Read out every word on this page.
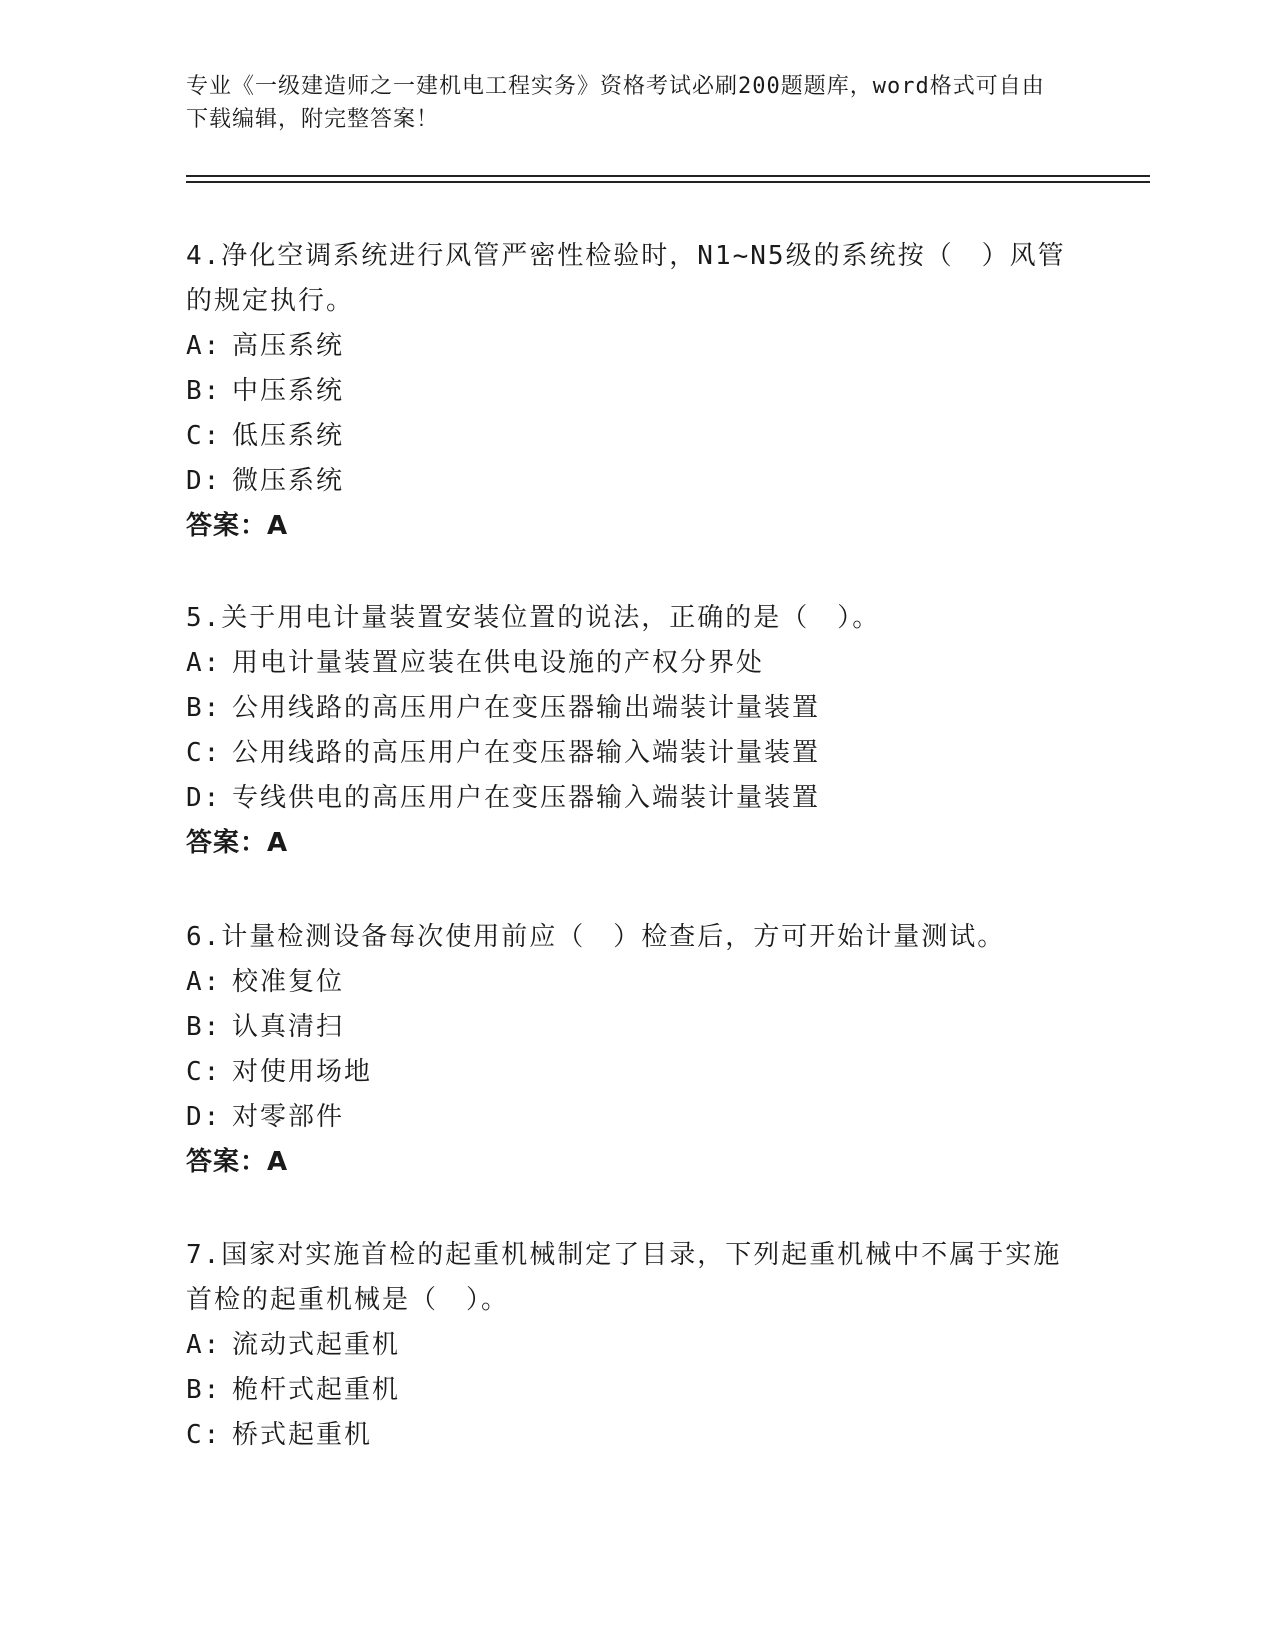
专业《一级建造师之一建机电工程实务》资格考试必刷200题题库，word格式可自由下载编辑，附完整答案！

4.净化空调系统进行风管严密性检验时，N1~N5级的系统按（　）风管的规定执行。

A: 高压系统
B: 中压系统
C: 低压系统
D: 微压系统
答案：A

5.关于用电计量装置安装位置的说法，正确的是（　）。

A: 用电计量装置应装在供电设施的产权分界处
B: 公用线路的高压用户在变压器输出端装计量装置
C: 公用线路的高压用户在变压器输入端装计量装置
D: 专线供电的高压用户在变压器输入端装计量装置
答案：A

6.计量检测设备每次使用前应（　）检查后，方可开始计量测试。

A: 校准复位
B: 认真清扫
C: 对使用场地
D: 对零部件
答案：A

7.国家对实施首检的起重机械制定了目录，下列起重机械中不属于实施首检的起重机械是（　）。

A: 流动式起重机
B: 桅杆式起重机
C: 桥式起重机
